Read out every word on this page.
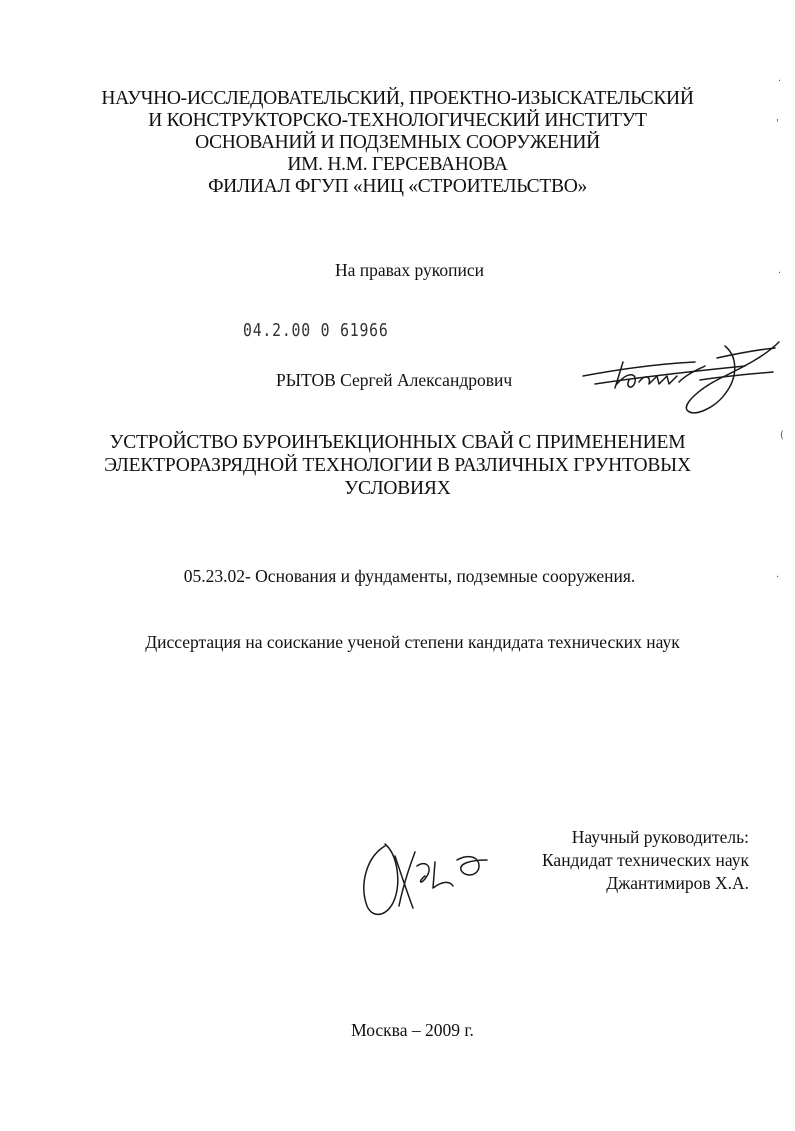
НАУЧНО-ИССЛЕДОВАТЕЛЬСКИЙ, ПРОЕКТНО-ИЗЫСКАТЕЛЬСКИЙ
И КОНСТРУКТОРСКО-ТЕХНОЛОГИЧЕСКИЙ ИНСТИТУТ
ОСНОВАНИЙ И ПОДЗЕМНЫХ СООРУЖЕНИЙ
ИМ. Н.М. ГЕРСЕВАНОВА
ФИЛИАЛ ФГУП «НИЦ «СТРОИТЕЛЬСТВО»
На правах рукописи
04.2.00 0 61966
РЫТОВ Сергей Александрович
УСТРОЙСТВО БУРОИНЪЕКЦИОННЫХ СВАЙ С ПРИМЕНЕНИЕМ
ЭЛЕКТРОРАЗРЯДНОЙ ТЕХНОЛОГИИ В РАЗЛИЧНЫХ ГРУНТОВЫХ
УСЛОВИЯХ
05.23.02- Основания и фундаменты, подземные сооружения.
Диссертация на соискание ученой степени кандидата технических наук
Научный руководитель:
Кандидат технических наук
Джантимиров Х.А.
Москва – 2009 г.
·
'
·
(
·
